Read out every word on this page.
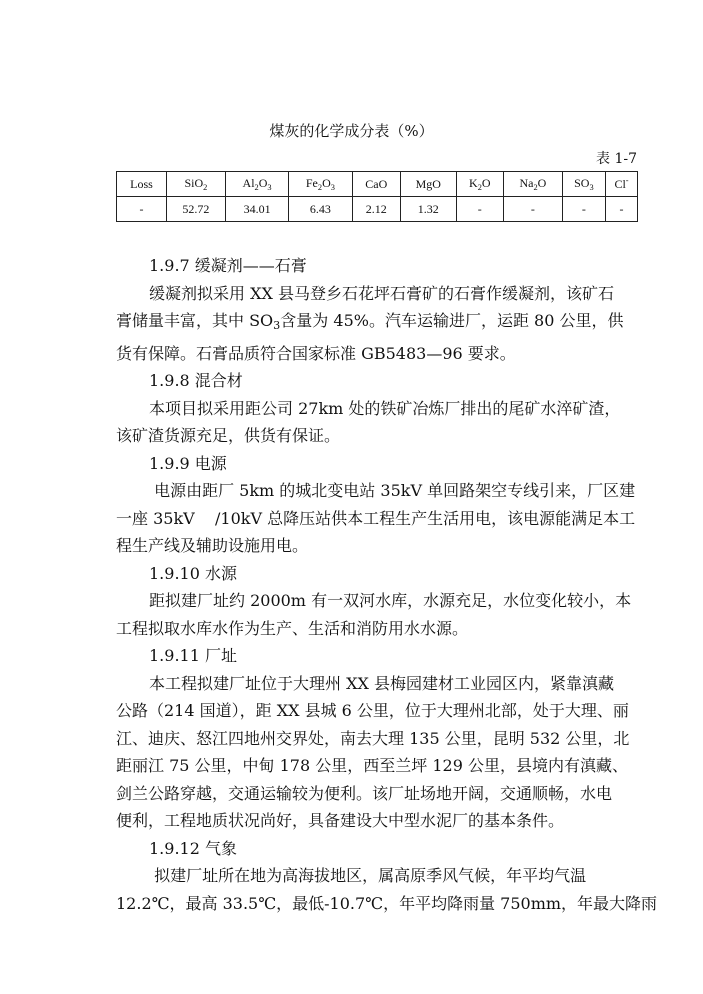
煤灰的化学成分表（%）
表 1-7
Loss	SiO$_2$	$Al_2O_3$	$Fe_2O_3$	CaO	MgO	$K_2O$	$Na_2O$	$SO_3$	Cl-
-	52.72	34.01	6.43	2.12	1.32	-	-	-	-

1.9.7 缓凝剂——石膏

缓凝剂拟采用 XX 县马登乡石花坪石膏矿的石膏作缓凝剂，该矿石
膏储量丰富，其中 $SO_3$含量为 45%。汽车运输进厂，运距 80 公里，供
货有保障。石膏品质符合国家标准 GB5483—96 要求。

1.9.8 混合材

本项目拟采用距公司 27km 处的铁矿冶炼厂排出的尾矿水淬矿渣，
该矿渣货源充足，供货有保证。

1.9.9 电源

电源由距厂 5km 的城北变电站 35kV 单回路架空专线引来，厂区建
一座 35kV    /10kV 总降压站供本工程生产生活用电，该电源能满足本工
程生产线及辅助设施用电。

1.9.10 水源

距拟建厂址约 2000m 有一双河水库，水源充足，水位变化较小，本
工程拟取水库水作为生产、生活和消防用水水源。

1.9.11 厂址

本工程拟建厂址位于大理州 XX 县梅园建材工业园区内，紧靠滇藏
公路（214 国道），距 XX 县城 6 公里，位于大理州北部，处于大理、丽
江、迪庆、怒江四地州交界处，南去大理 135 公里，昆明 532 公里，北
距丽江 75 公里，中甸 178 公里，西至兰坪 129 公里，县境内有滇藏、
剑兰公路穿越，交通运输较为便利。该厂址场地开阔，交通顺畅，水电
便利，工程地质状况尚好，具备建设大中型水泥厂的基本条件。

1.9.12 气象

拟建厂址所在地为高海拔地区，属高原季风气候，年平均气温
12.2℃，最高 33.5℃，最低-10.7℃，年平均降雨量 750mm，年最大降雨
